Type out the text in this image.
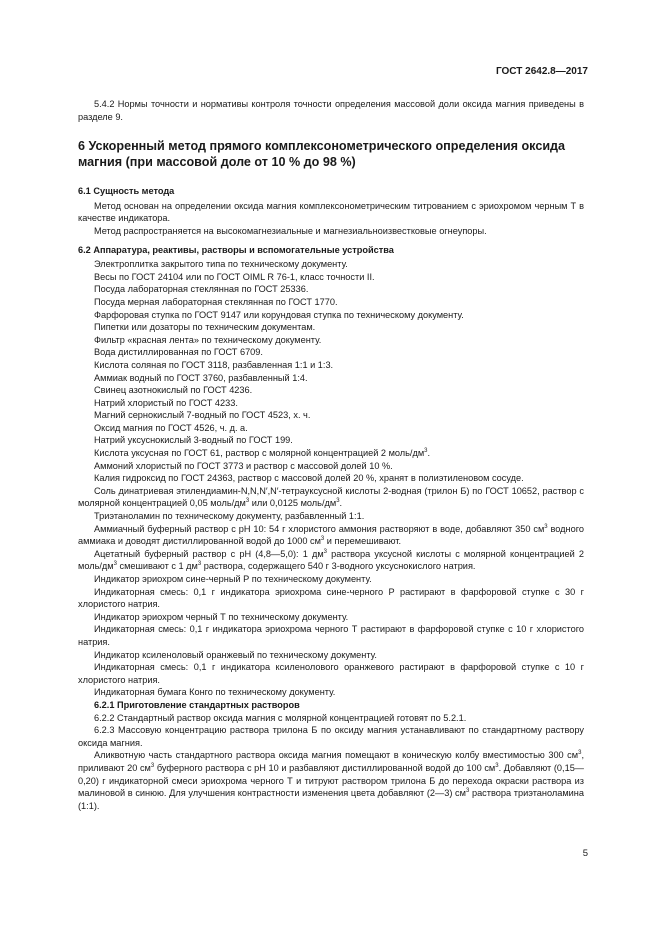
ГОСТ 2642.8—2017

5.4.2 Нормы точности и нормативы контроля точности определения массовой доли оксида магния приведены в разделе 9.

6 Ускоренный метод прямого комплексонометрического определения оксида магния (при массовой доле от 10 % до 98 %)

6.1 Сущность метода

Метод основан на определении оксида магния комплексонометрическим титрованием с эриохромом черным Т в качестве индикатора.

Метод распространяется на высокомагнезиальные и магнезиальноизвестковые огнеупоры.

6.2 Аппаратура, реактивы, растворы и вспомогательные устройства

Электроплитка закрытого типа по техническому документу.

Весы по ГОСТ 24104 или по ГОСТ OIML R 76-1, класс точности II.

Посуда лабораторная стеклянная по ГОСТ 25336.

Посуда мерная лабораторная стеклянная по ГОСТ 1770.

Фарфоровая ступка по ГОСТ 9147 или корундовая ступка по техническому документу.

Пипетки или дозаторы по техническим документам.

Фильтр «красная лента» по техническому документу.

Вода дистиллированная по ГОСТ 6709.

Кислота соляная по ГОСТ 3118, разбавленная 1:1 и 1:3.

Аммиак водный по ГОСТ 3760, разбавленный 1:4.

Свинец азотнокислый по ГОСТ 4236.

Натрий хлористый по ГОСТ 4233.

Магний сернокислый 7-водный по ГОСТ 4523, х. ч.

Оксид магния по ГОСТ 4526, ч. д. а.

Натрий уксуснокислый 3-водный по ГОСТ 199.

Кислота уксусная по ГОСТ 61, раствор с молярной концентрацией 2 моль/$дм^3$.

Аммоний хлористый по ГОСТ 3773 и раствор с массовой долей 10 %.

Калия гидроксид по ГОСТ 24363, раствор с массовой долей 20 %, хранят в полиэтиленовом сосуде.

Соль динатриевая этилендиамин-N,N,N′,N′-тетрауксусной кислоты 2-водная (трилон Б) по ГОСТ 10652, раствор с молярной концентрацией 0,05 моль/$дм^3$ или 0,0125 моль/$дм^3$.

Триэтаноламин по техническому документу, разбавленный 1:1.

Аммиачный буферный раствор с pH 10: 54 г хлористого аммония растворяют в воде, добавляют 350 $см^3$ водного аммиака и доводят дистиллированной водой до 1000 $см^3$ и перемешивают.

Ацетатный буферный раствор с рН (4,8—5,0): 1 $дм^3$ раствора уксусной кислоты с молярной концентрацией 2 моль/$дм^3$ смешивают с 1 $дм^3$ раствора, содержащего 540 г 3-водного уксуснокислого натрия.

Индикатор эриохром сине-черный Р по техническому документу.

Индикаторная смесь: 0,1 г индикатора эриохрома сине-черного Р растирают в фарфоровой ступке с 30 г хлористого натрия.

Индикатор эриохром черный Т по техническому документу.

Индикаторная смесь: 0,1 г индикатора эриохрома черного Т растирают в фарфоровой ступке с 10 г хлористого натрия.

Индикатор ксиленоловый оранжевый по техническому документу.

Индикаторная смесь: 0,1 г индикатора ксиленолового оранжевого растирают в фарфоровой ступке с 10 г хлористого натрия.

Индикаторная бумага Конго по техническому документу.

6.2.1 Приготовление стандартных растворов

6.2.2 Стандартный раствор оксида магния с молярной концентрацией готовят по 5.2.1.

6.2.3 Массовую концентрацию раствора трилона Б по оксиду магния устанавливают по стандартному раствору оксида магния.

Аликвотную часть стандартного раствора оксида магния помещают в коническую колбу вместимостью 300 $см^3$, приливают 20 $см^3$ буферного раствора с pH 10 и разбавляют дистиллированной водой до 100 $см^3$. Добавляют (0,15—0,20) г индикаторной смеси эриохрома черного Т и титруют раствором трилона Б до перехода окраски раствора из малиновой в синюю. Для улучшения контрастности изменения цвета добавляют (2—3) $см^3$ раствора триэтаноламина (1:1).

5
